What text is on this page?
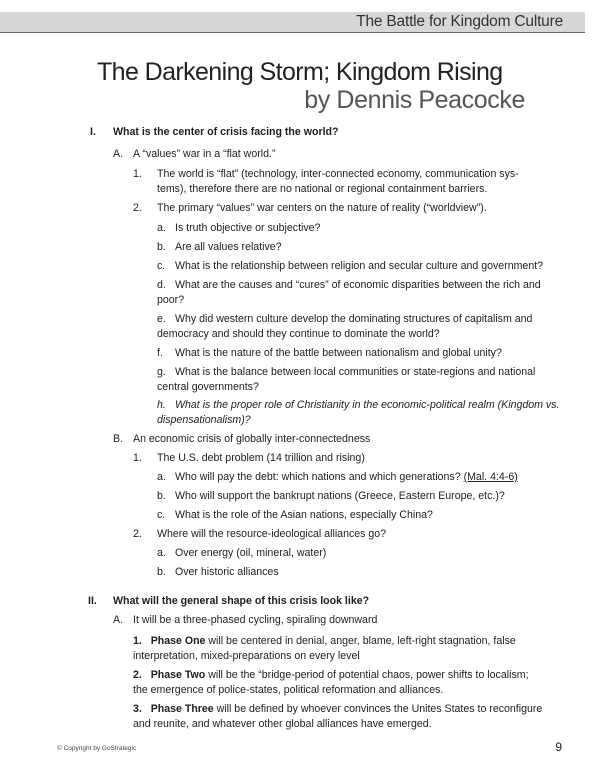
The Battle for Kingdom Culture
The Darkening Storm; Kingdom Rising
by Dennis Peacocke
I. What is the center of crisis facing the world?
A. A “values” war in a “flat world.”
1. The world is “flat” (technology, inter-connected economy, communication sys-
tems), therefore there are no national or regional containment barriers.
2. The primary “values” war centers on the nature of reality (“worldview”).
a. Is truth objective or subjective?
b. Are all values relative?
c. What is the relationship between religion and secular culture and government?
d. What are the causes and “cures” of economic disparities between the rich and
poor?
e. Why did western culture develop the dominating structures of capitalism and
democracy and should they continue to dominate the world?
f. What is the nature of the battle between nationalism and global unity?
g. What is the balance between local communities or state-regions and national
central governments?
h. What is the proper role of Christianity in the economic-political realm (Kingdom vs.
dispensationalism)?
B. An economic crisis of globally inter-connectedness
1. The U.S. debt problem (14 trillion and rising)
a. Who will pay the debt: which nations and which generations? (Mal. 4:4-6)
b. Who will support the bankrupt nations (Greece, Eastern Europe, etc.)?
c. What is the role of the Asian nations, especially China?
2. Where will the resource-ideological alliances go?
a. Over energy (oil, mineral, water)
b. Over historic alliances
II. What will the general shape of this crisis look like?
A. It will be a three-phased cycling, spiraling downward
1. Phase One will be centered in denial, anger, blame, left-right stagnation, false
interpretation, mixed-preparations on every level
2. Phase Two will be the “bridge-period of potential chaos, power shifts to localism;
the emergence of police-states, political reformation and alliances.
3. Phase Three will be defined by whoever convinces the Unites States to reconfigure
and reunite, and whatever other global alliances have emerged.
© Copyright by GoStrategic	9
